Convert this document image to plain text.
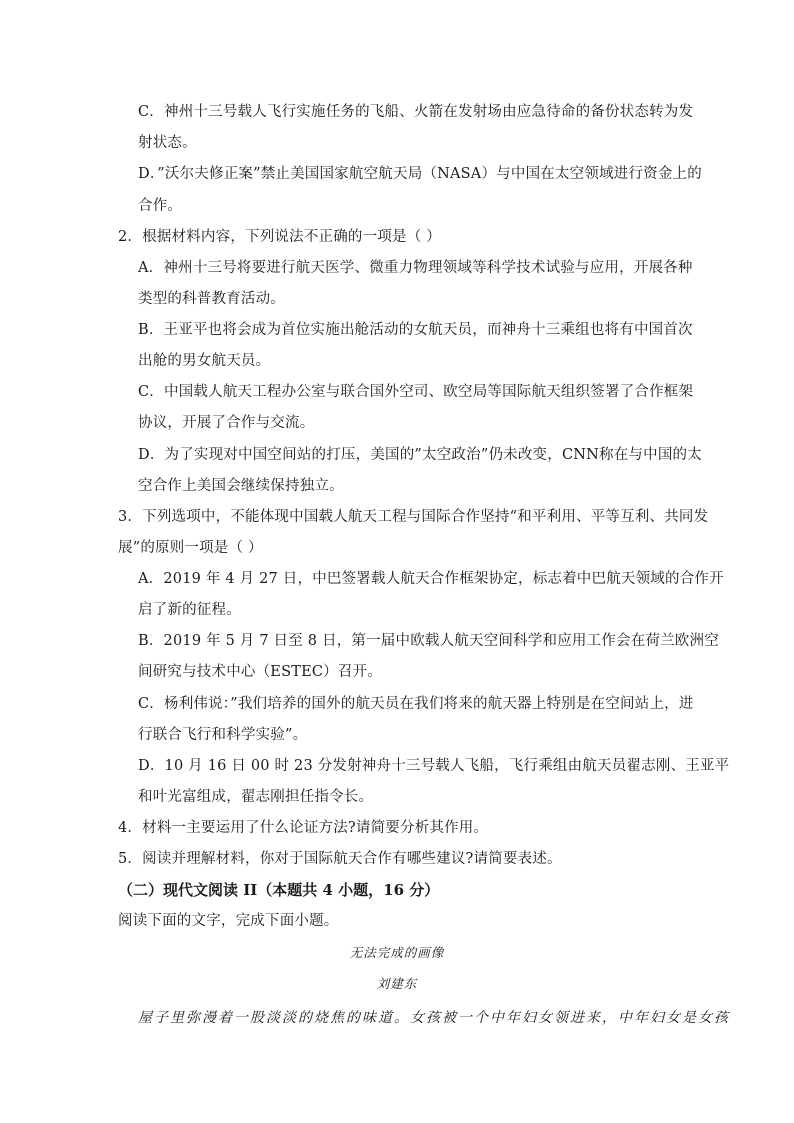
C．神州十三号载人飞行实施任务的飞船、火箭在发射场由应急待命的备份状态转为发
射状态。
D．”沃尔夫修正案”禁止美国国家航空航天局（NASA）与中国在太空领域进行资金上的
合作。
2．根据材料内容，下列说法不正确的一项是（ ）
A．神州十三号将要进行航天医学、微重力物理领域等科学技术试验与应用，开展各种
类型的科普教育活动。
B．王亚平也将会成为首位实施出舱活动的女航天员，而神舟十三乘组也将有中国首次
出舱的男女航天员。
C．中国载人航天工程办公室与联合国外空司、欧空局等国际航天组织签署了合作框架
协议，开展了合作与交流。
D．为了实现对中国空间站的打压，美国的”太空政治”仍未改变，CNN称在与中国的太
空合作上美国会继续保持独立。
3．下列选项中，不能体现中国载人航天工程与国际合作坚持“和平利用、平等互利、共同发
展”的原则一项是（ ）
A．2019 年 4 月 27 日，中巴签署载人航天合作框架协定，标志着中巴航天领域的合作开
启了新的征程。
B．2019 年 5 月 7 日至 8 日，第一届中欧载人航天空间科学和应用工作会在荷兰欧洲空
间研究与技术中心（ESTEC）召开。
C．杨利伟说：”我们培养的国外的航天员在我们将来的航天器上特别是在空间站上，进
行联合飞行和科学实验”。
D．10 月 16 日 00 时 23 分发射神舟十三号载人飞船，飞行乘组由航天员翟志刚、王亚平
和叶光富组成，翟志刚担任指令长。
4．材料一主要运用了什么论证方法?请简要分析其作用。
5．阅读并理解材料，你对于国际航天合作有哪些建议?请简要表述。
（二）现代文阅读 II（本题共 4 小题，16 分）
阅读下面的文字，完成下面小题。
无法完成的画像
刘建东
屋子里弥漫着一股淡淡的烧焦的味道。女孩被一个中年妇女领进来，中年妇女是女孩
